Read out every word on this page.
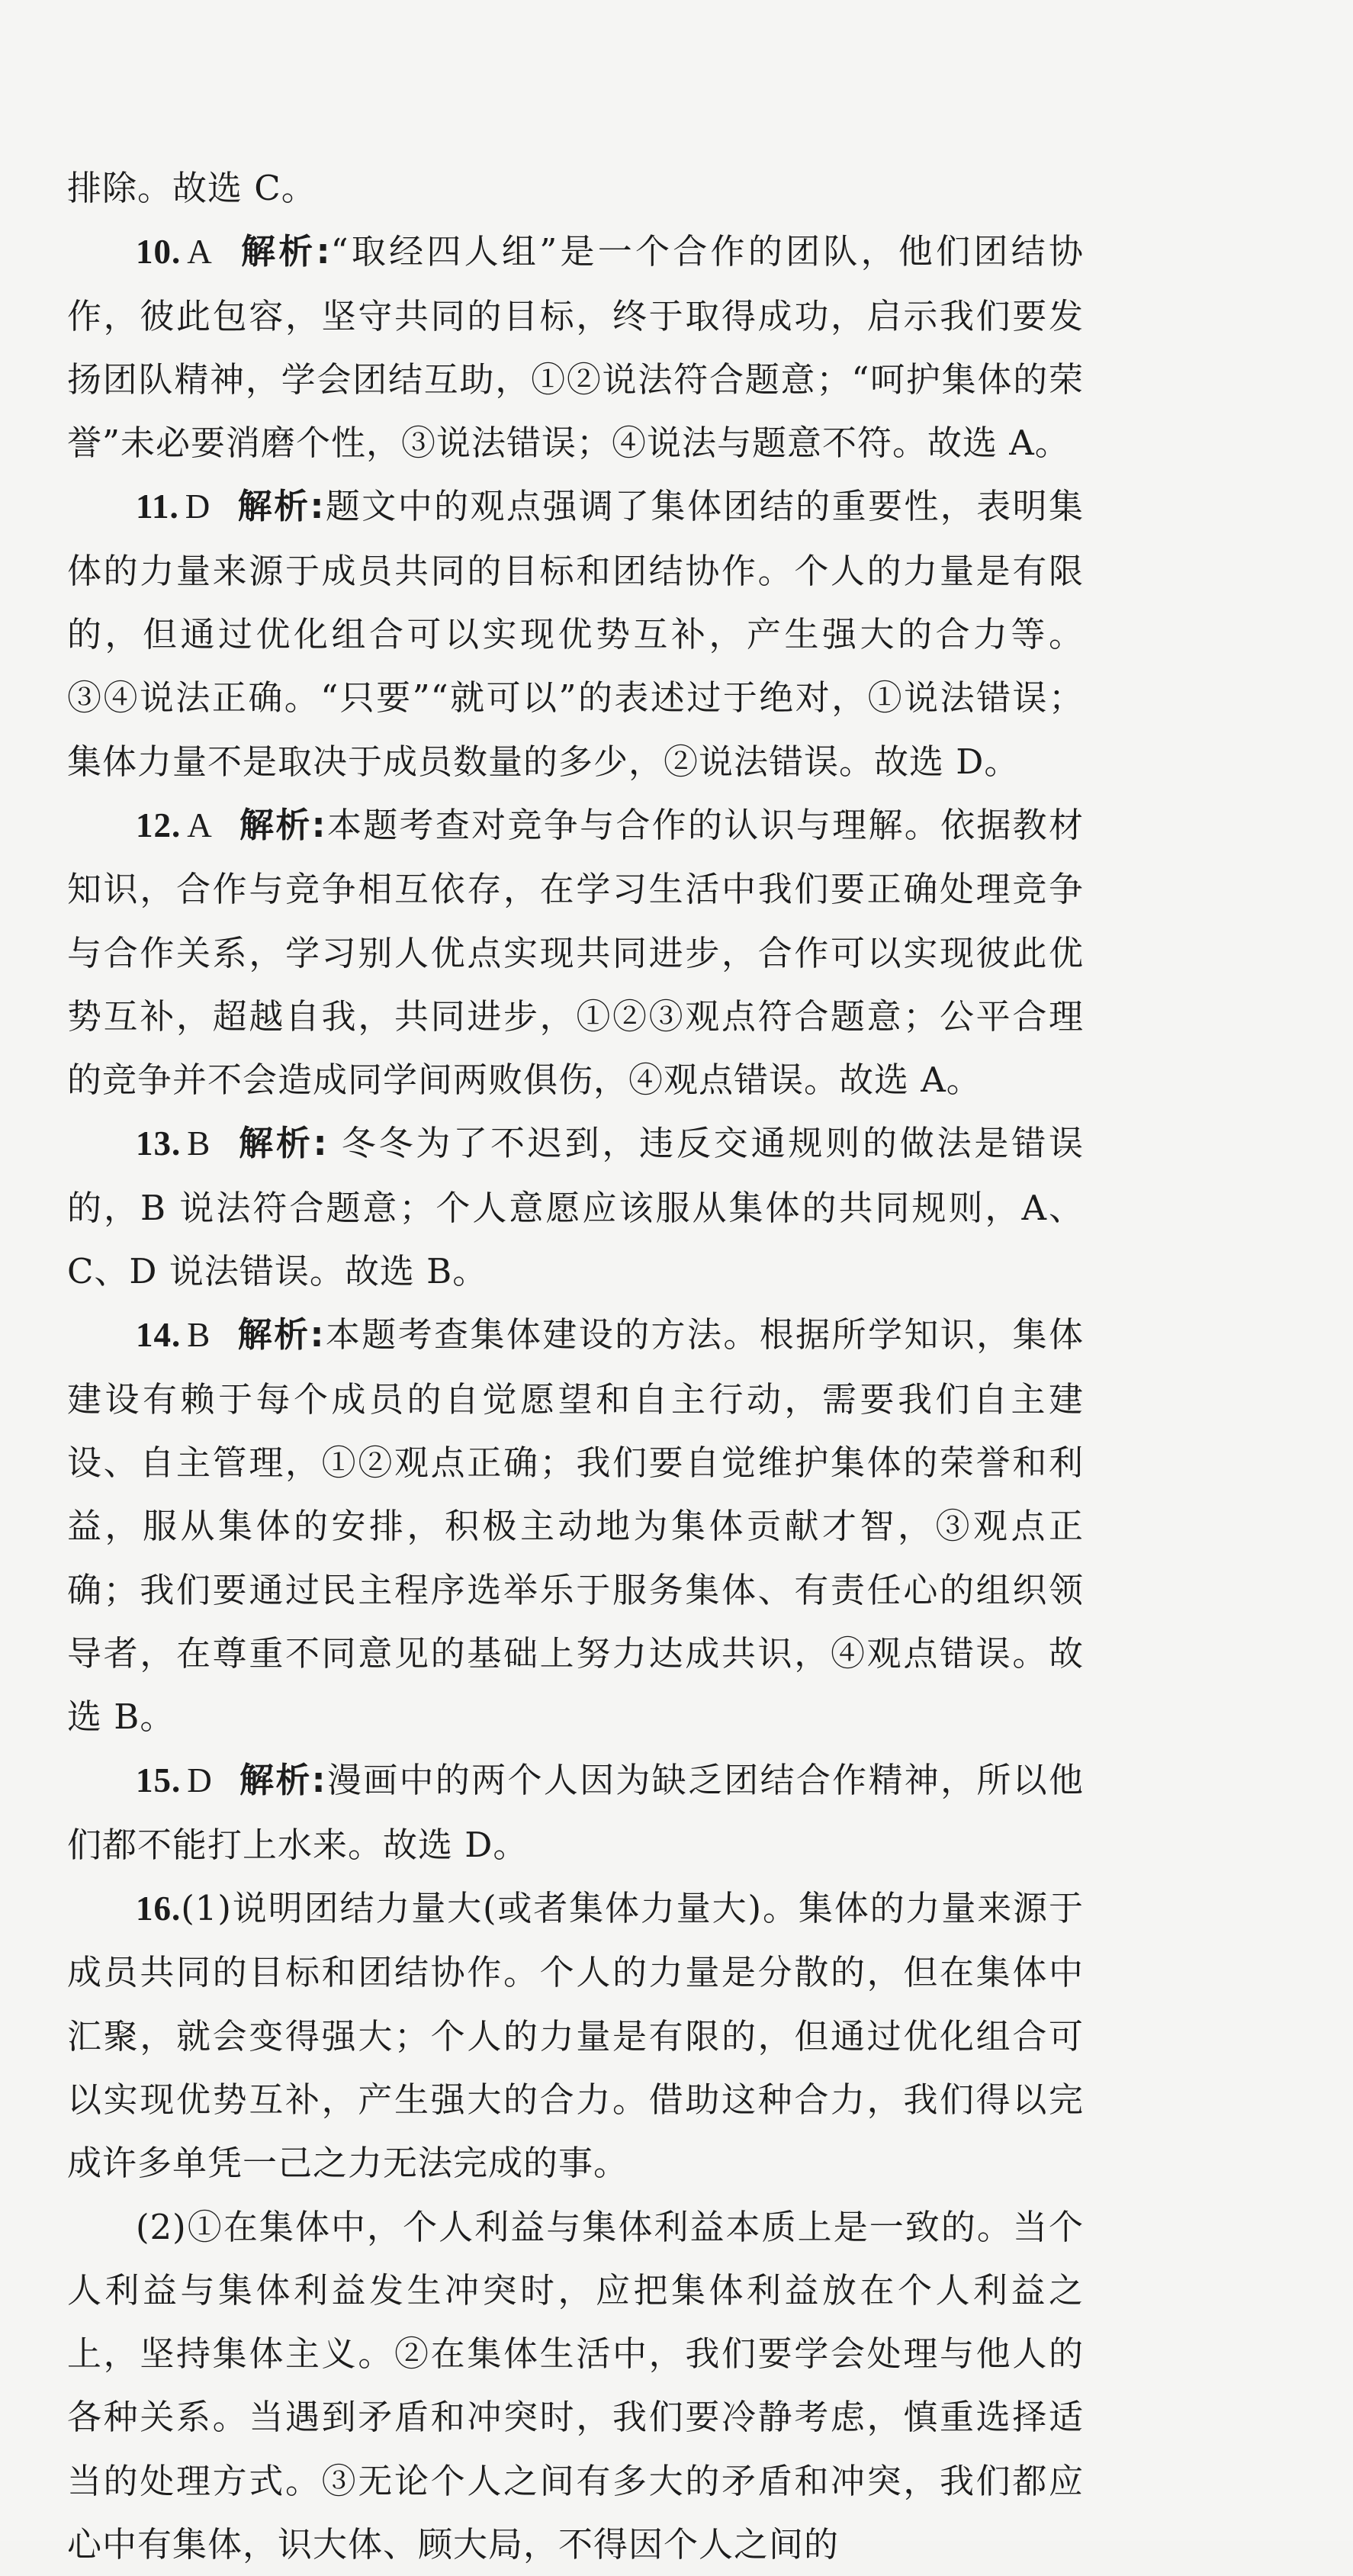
排除。故选 C。

10. A 解析:“取经四人组”是一个合作的团队，他们团结协作，彼此包容，坚守共同的目标，终于取得成功，启示我们要发扬团队精神，学会团结互助，①②说法符合题意；“呵护集体的荣誉”未必要消磨个性，③说法错误；④说法与题意不符。故选 A。

11. D 解析:题文中的观点强调了集体团结的重要性，表明集体的力量来源于成员共同的目标和团结协作。个人的力量是有限的，但通过优化组合可以实现优势互补，产生强大的合力等。③④说法正确。“只要”“就可以”的表述过于绝对，①说法错误；集体力量不是取决于成员数量的多少，②说法错误。故选 D。

12. A 解析:本题考查对竞争与合作的认识与理解。依据教材知识，合作与竞争相互依存，在学习生活中我们要正确处理竞争与合作关系，学习别人优点实现共同进步，合作可以实现彼此优势互补，超越自我，共同进步，①②③观点符合题意；公平合理的竞争并不会造成同学间两败俱伤，④观点错误。故选 A。

13. B 解析: 冬冬为了不迟到，违反交通规则的做法是错误的，B 说法符合题意；个人意愿应该服从集体的共同规则，A、C、D 说法错误。故选 B。

14. B 解析:本题考查集体建设的方法。根据所学知识，集体建设有赖于每个成员的自觉愿望和自主行动，需要我们自主建设、自主管理，①②观点正确；我们要自觉维护集体的荣誉和利益，服从集体的安排，积极主动地为集体贡献才智，③观点正确；我们要通过民主程序选举乐于服务集体、有责任心的组织领导者，在尊重不同意见的基础上努力达成共识，④观点错误。故选 B。

15. D 解析:漫画中的两个人因为缺乏团结合作精神，所以他们都不能打上水来。故选 D。

16.(1)说明团结力量大(或者集体力量大)。集体的力量来源于成员共同的目标和团结协作。个人的力量是分散的，但在集体中汇聚，就会变得强大；个人的力量是有限的，但通过优化组合可以实现优势互补，产生强大的合力。借助这种合力，我们得以完成许多单凭一己之力无法完成的事。

(2)①在集体中，个人利益与集体利益本质上是一致的。当个人利益与集体利益发生冲突时，应把集体利益放在个人利益之上，坚持集体主义。②在集体生活中，我们要学会处理与他人的各种关系。当遇到矛盾和冲突时，我们要冷静考虑，慎重选择适当的处理方式。③无论个人之间有多大的矛盾和冲突，我们都应心中有集体，识大体、顾大局，不得因个人之间的
